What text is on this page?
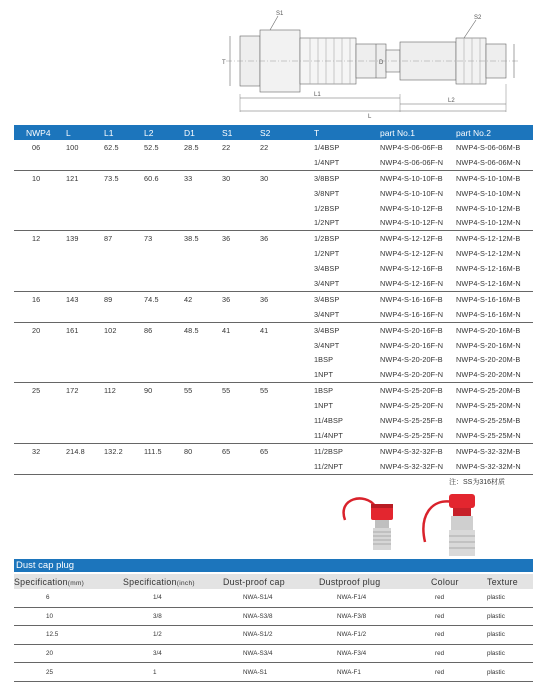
S1
S2
T	D
L1
L2
L
NWP4	L	L1	L2	D1	S1	S2	T	part No.1	part No.2
06	100	62.5	52.5	28.5	22	22	1/4BSP	NWP4-S-06-06F-B	NWP4-S-06-06M-B
							1/4NPT	NWP4-S-06-06F-N	NWP4-S-06-06M-N
10	121	73.5	60.6	33	30	30	3/8BSP	NWP4-S-10-10F-B	NWP4-S-10-10M-B
							3/8NPT	NWP4-S-10-10F-N	NWP4-S-10-10M-N
							1/2BSP	NWP4-S-10-12F-B	NWP4-S-10-12M-B
							1/2NPT	NWP4-S-10-12F-N	NWP4-S-10-12M-N
12	139	87	73	38.5	36	36	1/2BSP	NWP4-S-12-12F-B	NWP4-S-12-12M-B
							1/2NPT	NWP4-S-12-12F-N	NWP4-S-12-12M-N
							3/4BSP	NWP4-S-12-16F-B	NWP4-S-12-16M-B
							3/4NPT	NWP4-S-12-16F-N	NWP4-S-12-16M-N
16	143	89	74.5	42	36	36	3/4BSP	NWP4-S-16-16F-B	NWP4-S-16-16M-B
							3/4NPT	NWP4-S-16-16F-N	NWP4-S-16-16M-N
20	161	102	86	48.5	41	41	3/4BSP	NWP4-S-20-16F-B	NWP4-S-20-16M-B
							3/4NPT	NWP4-S-20-16F-N	NWP4-S-20-16M-N
							1BSP	NWP4-S-20-20F-B	NWP4-S-20-20M-B
							1NPT	NWP4-S-20-20F-N	NWP4-S-20-20M-N
25	172	112	90	55	55	55	1BSP	NWP4-S-25-20F-B	NWP4-S-25-20M-B
							1NPT	NWP4-S-25-20F-N	NWP4-S-25-20M-N
							11/4BSP	NWP4-S-25-25F-B	NWP4-S-25-25M-B
							11/4NPT	NWP4-S-25-25F-N	NWP4-S-25-25M-N
32	214.8	132.2	111.5	80	65	65	11/2BSP	NWP4-S-32-32F-B	NWP4-S-32-32M-B
							11/2NPT	NWP4-S-32-32F-N	NWP4-S-32-32M-N
注：SS为316材质
Dust cap plug
Specification(mm)	Specification(inch)	Dust-proof cap	Dustproof plug	Colour	Texture
6	1/4	NWA-S1/4	NWA-F1/4	red	plastic
10	3/8	NWA-S3/8	NWA-F3/8	red	plastic
12.5	1/2	NWA-S1/2	NWA-F1/2	red	plastic
20	3/4	NWA-S3/4	NWA-F3/4	red	plastic
25	1	NWA-S1	NWA-F1	red	plastic
